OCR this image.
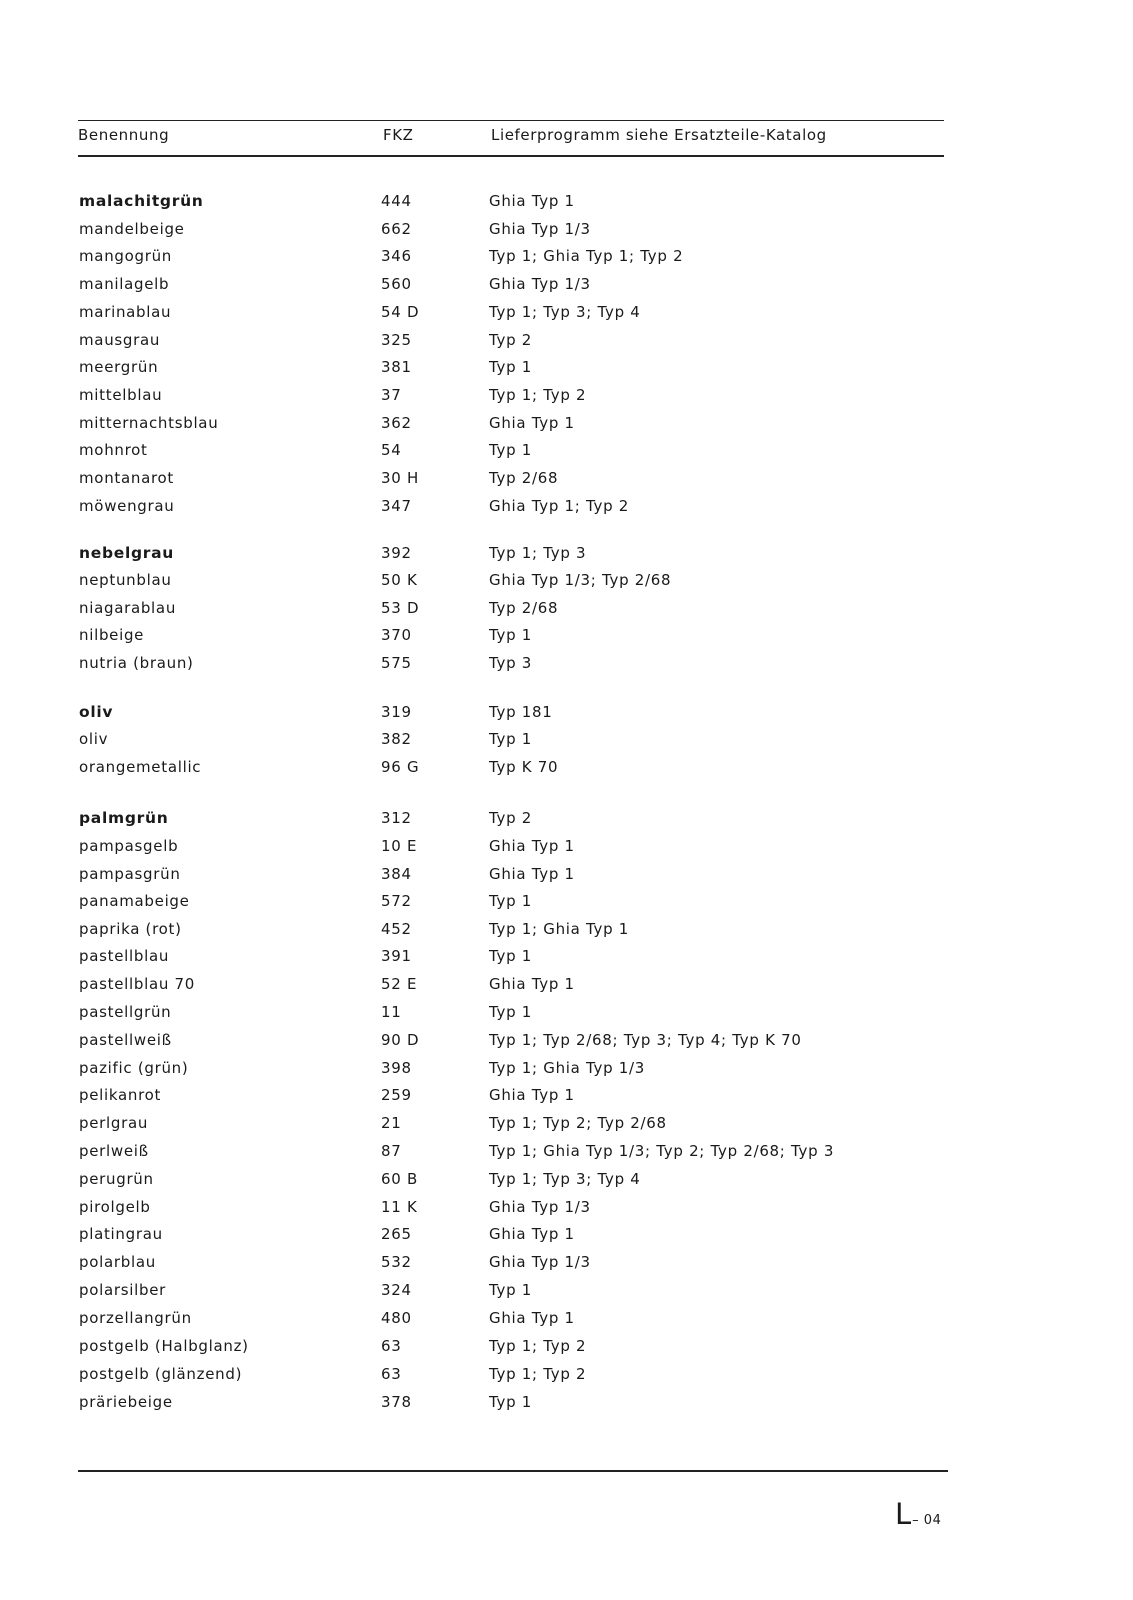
Benennung	FKZ	Lieferprogramm siehe Ersatzteile-Katalog
malachitgrün	444	Ghia Typ 1
mandelbeige	662	Ghia Typ 1/3
mangogrün	346	Typ 1; Ghia Typ 1; Typ 2
manilagelb	560	Ghia Typ 1/3
marinablau	54 D	Typ 1; Typ 3; Typ 4
mausgrau	325	Typ 2
meergrün	381	Typ 1
mittelblau	37	Typ 1; Typ 2
mitternachtsblau	362	Ghia Typ 1
mohnrot	54	Typ 1
montanarot	30 H	Typ 2/68
möwengrau	347	Ghia Typ 1; Typ 2
nebelgrau	392	Typ 1; Typ 3
neptunblau	50 K	Ghia Typ 1/3; Typ 2/68
niagarablau	53 D	Typ 2/68
nilbeige	370	Typ 1
nutria (braun)	575	Typ 3
oliv	319	Typ 181
oliv	382	Typ 1
orangemetallic	96 G	Typ K 70
palmgrün	312	Typ 2
pampasgelb	10 E	Ghia Typ 1
pampasgrün	384	Ghia Typ 1
panamabeige	572	Typ 1
paprika (rot)	452	Typ 1; Ghia Typ 1
pastellblau	391	Typ 1
pastellblau 70	52 E	Ghia Typ 1
pastellgrün	11	Typ 1
pastellweiß	90 D	Typ 1; Typ 2/68; Typ 3; Typ 4; Typ K 70
pazific (grün)	398	Typ 1; Ghia Typ 1/3
pelikanrot	259	Ghia Typ 1
perlgrau	21	Typ 1; Typ 2; Typ 2/68
perlweiß	87	Typ 1; Ghia Typ 1/3; Typ 2; Typ 2/68; Typ 3
perugrün	60 B	Typ 1; Typ 3; Typ 4
pirolgelb	11 K	Ghia Typ 1/3
platingrau	265	Ghia Typ 1
polarblau	532	Ghia Typ 1/3
polarsilber	324	Typ 1
porzellangrün	480	Ghia Typ 1
postgelb (Halbglanz)	63	Typ 1; Typ 2
postgelb (glänzend)	63	Typ 1; Typ 2
präriebeige	378	Typ 1
L– 04
